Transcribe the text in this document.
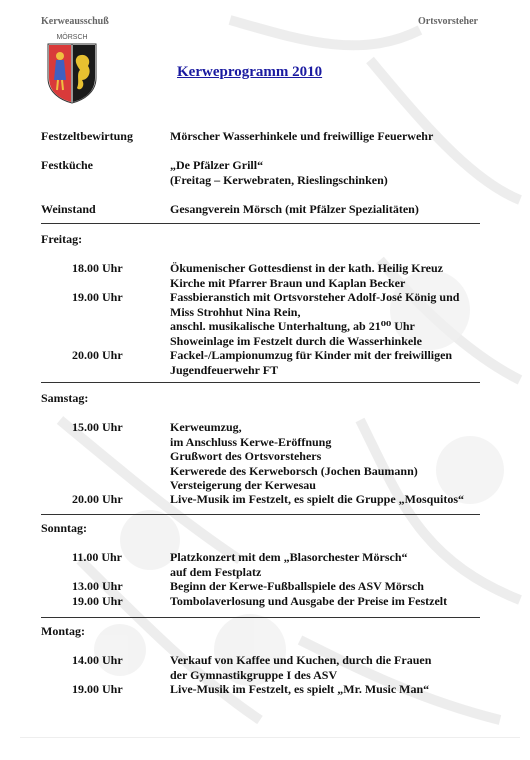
Kerweausschuß	Ortsvorsteher
MÖRSCH
Kerweprogramm 2010
Festzeltbewirtung	Mörscher Wasserhinkele und freiwillige Feuerwehr
Festküche	„De Pfälzer Grill“
(Freitag – Kerwebraten, Rieslingschinken)
Weinstand	Gesangverein Mörsch (mit Pfälzer Spezialitäten)
Freitag:
18.00 Uhr	Ökumenischer Gottesdienst in der kath. Heilig Kreuz
Kirche mit Pfarrer Braun und Kaplan Becker
19.00 Uhr	Fassbieranstich mit Ortsvorsteher Adolf-José König und
Miss Strohhut Nina Rein,
anschl. musikalische Unterhaltung, ab 21⁰⁰ Uhr
Showeinlage im Festzelt durch die Wasserhinkele
20.00 Uhr	Fackel-/Lampionumzug für Kinder mit der freiwilligen
Jugendfeuerwehr FT
Samstag:
15.00 Uhr	Kerweumzug,
im Anschluss Kerwe-Eröffnung
Grußwort des Ortsvorstehers
Kerwerede des Kerweborsch (Jochen Baumann)
Versteigerung der Kerwesau
20.00 Uhr	Live-Musik im Festzelt, es spielt die Gruppe „Mosquitos“
Sonntag:
11.00 Uhr	Platzkonzert mit dem „Blasorchester Mörsch“
auf dem Festplatz
13.00 Uhr	Beginn der Kerwe-Fußballspiele des ASV Mörsch
19.00 Uhr	Tombolaverlosung und Ausgabe der Preise im Festzelt
Montag:
14.00 Uhr	Verkauf von Kaffee und Kuchen, durch die Frauen
der Gymnastikgruppe I des ASV
19.00 Uhr	Live-Musik im Festzelt, es spielt „Mr. Music Man“
